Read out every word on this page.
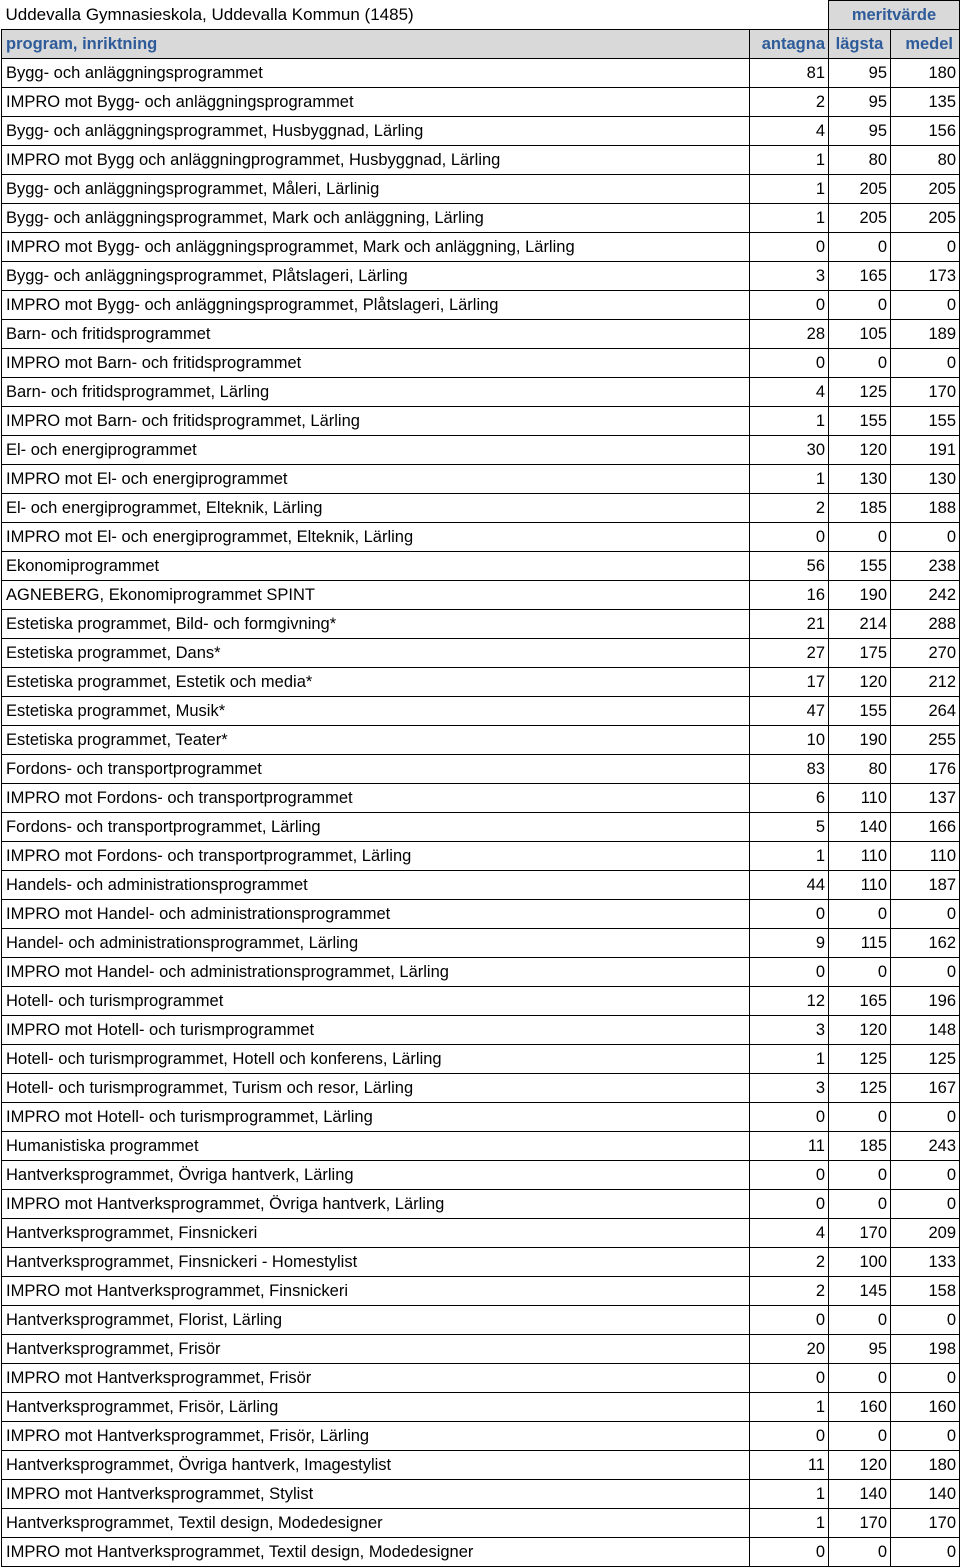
Uddevalla Gymnasieskola, Uddevalla Kommun (1485)		meritvärde	
program, inriktning	antagna	lägsta	medel
Bygg- och anläggningsprogrammet	81	95	180
IMPRO mot Bygg- och anläggningsprogrammet	2	95	135
Bygg- och anläggningsprogrammet, Husbyggnad, Lärling	4	95	156
IMPRO mot Bygg och anläggningprogrammet, Husbyggnad, Lärling	1	80	80
Bygg- och anläggningsprogrammet, Måleri, Lärlinig	1	205	205
Bygg- och anläggningsprogrammet, Mark och anläggning, Lärling	1	205	205
IMPRO mot Bygg- och anläggningsprogrammet, Mark och anläggning, Lärling	0	0	0
Bygg- och anläggningsprogrammet, Plåtslageri, Lärling	3	165	173
IMPRO mot Bygg- och anläggningsprogrammet, Plåtslageri, Lärling	0	0	0
Barn- och fritidsprogrammet	28	105	189
IMPRO mot Barn- och fritidsprogrammet	0	0	0
Barn- och fritidsprogrammet, Lärling	4	125	170
IMPRO mot Barn- och fritidsprogrammet, Lärling	1	155	155
El- och energiprogrammet	30	120	191
IMPRO mot El- och energiprogrammet	1	130	130
El- och energiprogrammet, Elteknik, Lärling	2	185	188
IMPRO mot El- och energiprogrammet, Elteknik, Lärling	0	0	0
Ekonomiprogrammet	56	155	238
AGNEBERG, Ekonomiprogrammet SPINT	16	190	242
Estetiska programmet, Bild- och formgivning*	21	214	288
Estetiska programmet, Dans*	27	175	270
Estetiska programmet, Estetik och media*	17	120	212
Estetiska programmet, Musik*	47	155	264
Estetiska programmet, Teater*	10	190	255
Fordons- och transportprogrammet	83	80	176
IMPRO mot Fordons- och transportprogrammet	6	110	137
Fordons- och transportprogrammet, Lärling	5	140	166
IMPRO mot Fordons- och transportprogrammet, Lärling	1	110	110
Handels- och administrationsprogrammet	44	110	187
IMPRO mot Handel- och administrationsprogrammet	0	0	0
Handel- och administrationsprogrammet, Lärling	9	115	162
IMPRO mot Handel- och administrationsprogrammet, Lärling	0	0	0
Hotell- och turismprogrammet	12	165	196
IMPRO mot Hotell- och turismprogrammet	3	120	148
Hotell- och turismprogrammet, Hotell och konferens, Lärling	1	125	125
Hotell- och turismprogrammet, Turism och resor, Lärling	3	125	167
IMPRO mot Hotell- och turismprogrammet, Lärling	0	0	0
Humanistiska programmet	11	185	243
Hantverksprogrammet, Övriga hantverk, Lärling	0	0	0
IMPRO mot Hantverksprogrammet, Övriga hantverk, Lärling	0	0	0
Hantverksprogrammet, Finsnickeri	4	170	209
Hantverksprogrammet, Finsnickeri - Homestylist	2	100	133
IMPRO mot Hantverksprogrammet, Finsnickeri	2	145	158
Hantverksprogrammet, Florist, Lärling	0	0	0
Hantverksprogrammet, Frisör	20	95	198
IMPRO mot Hantverksprogrammet, Frisör	0	0	0
Hantverksprogrammet, Frisör, Lärling	1	160	160
IMPRO mot Hantverksprogrammet, Frisör, Lärling	0	0	0
Hantverksprogrammet, Övriga hantverk, Imagestylist	11	120	180
IMPRO mot Hantverksprogrammet, Stylist	1	140	140
Hantverksprogrammet, Textil design, Modedesigner	1	170	170
IMPRO mot Hantverksprogrammet, Textil design, Modedesigner	0	0	0
